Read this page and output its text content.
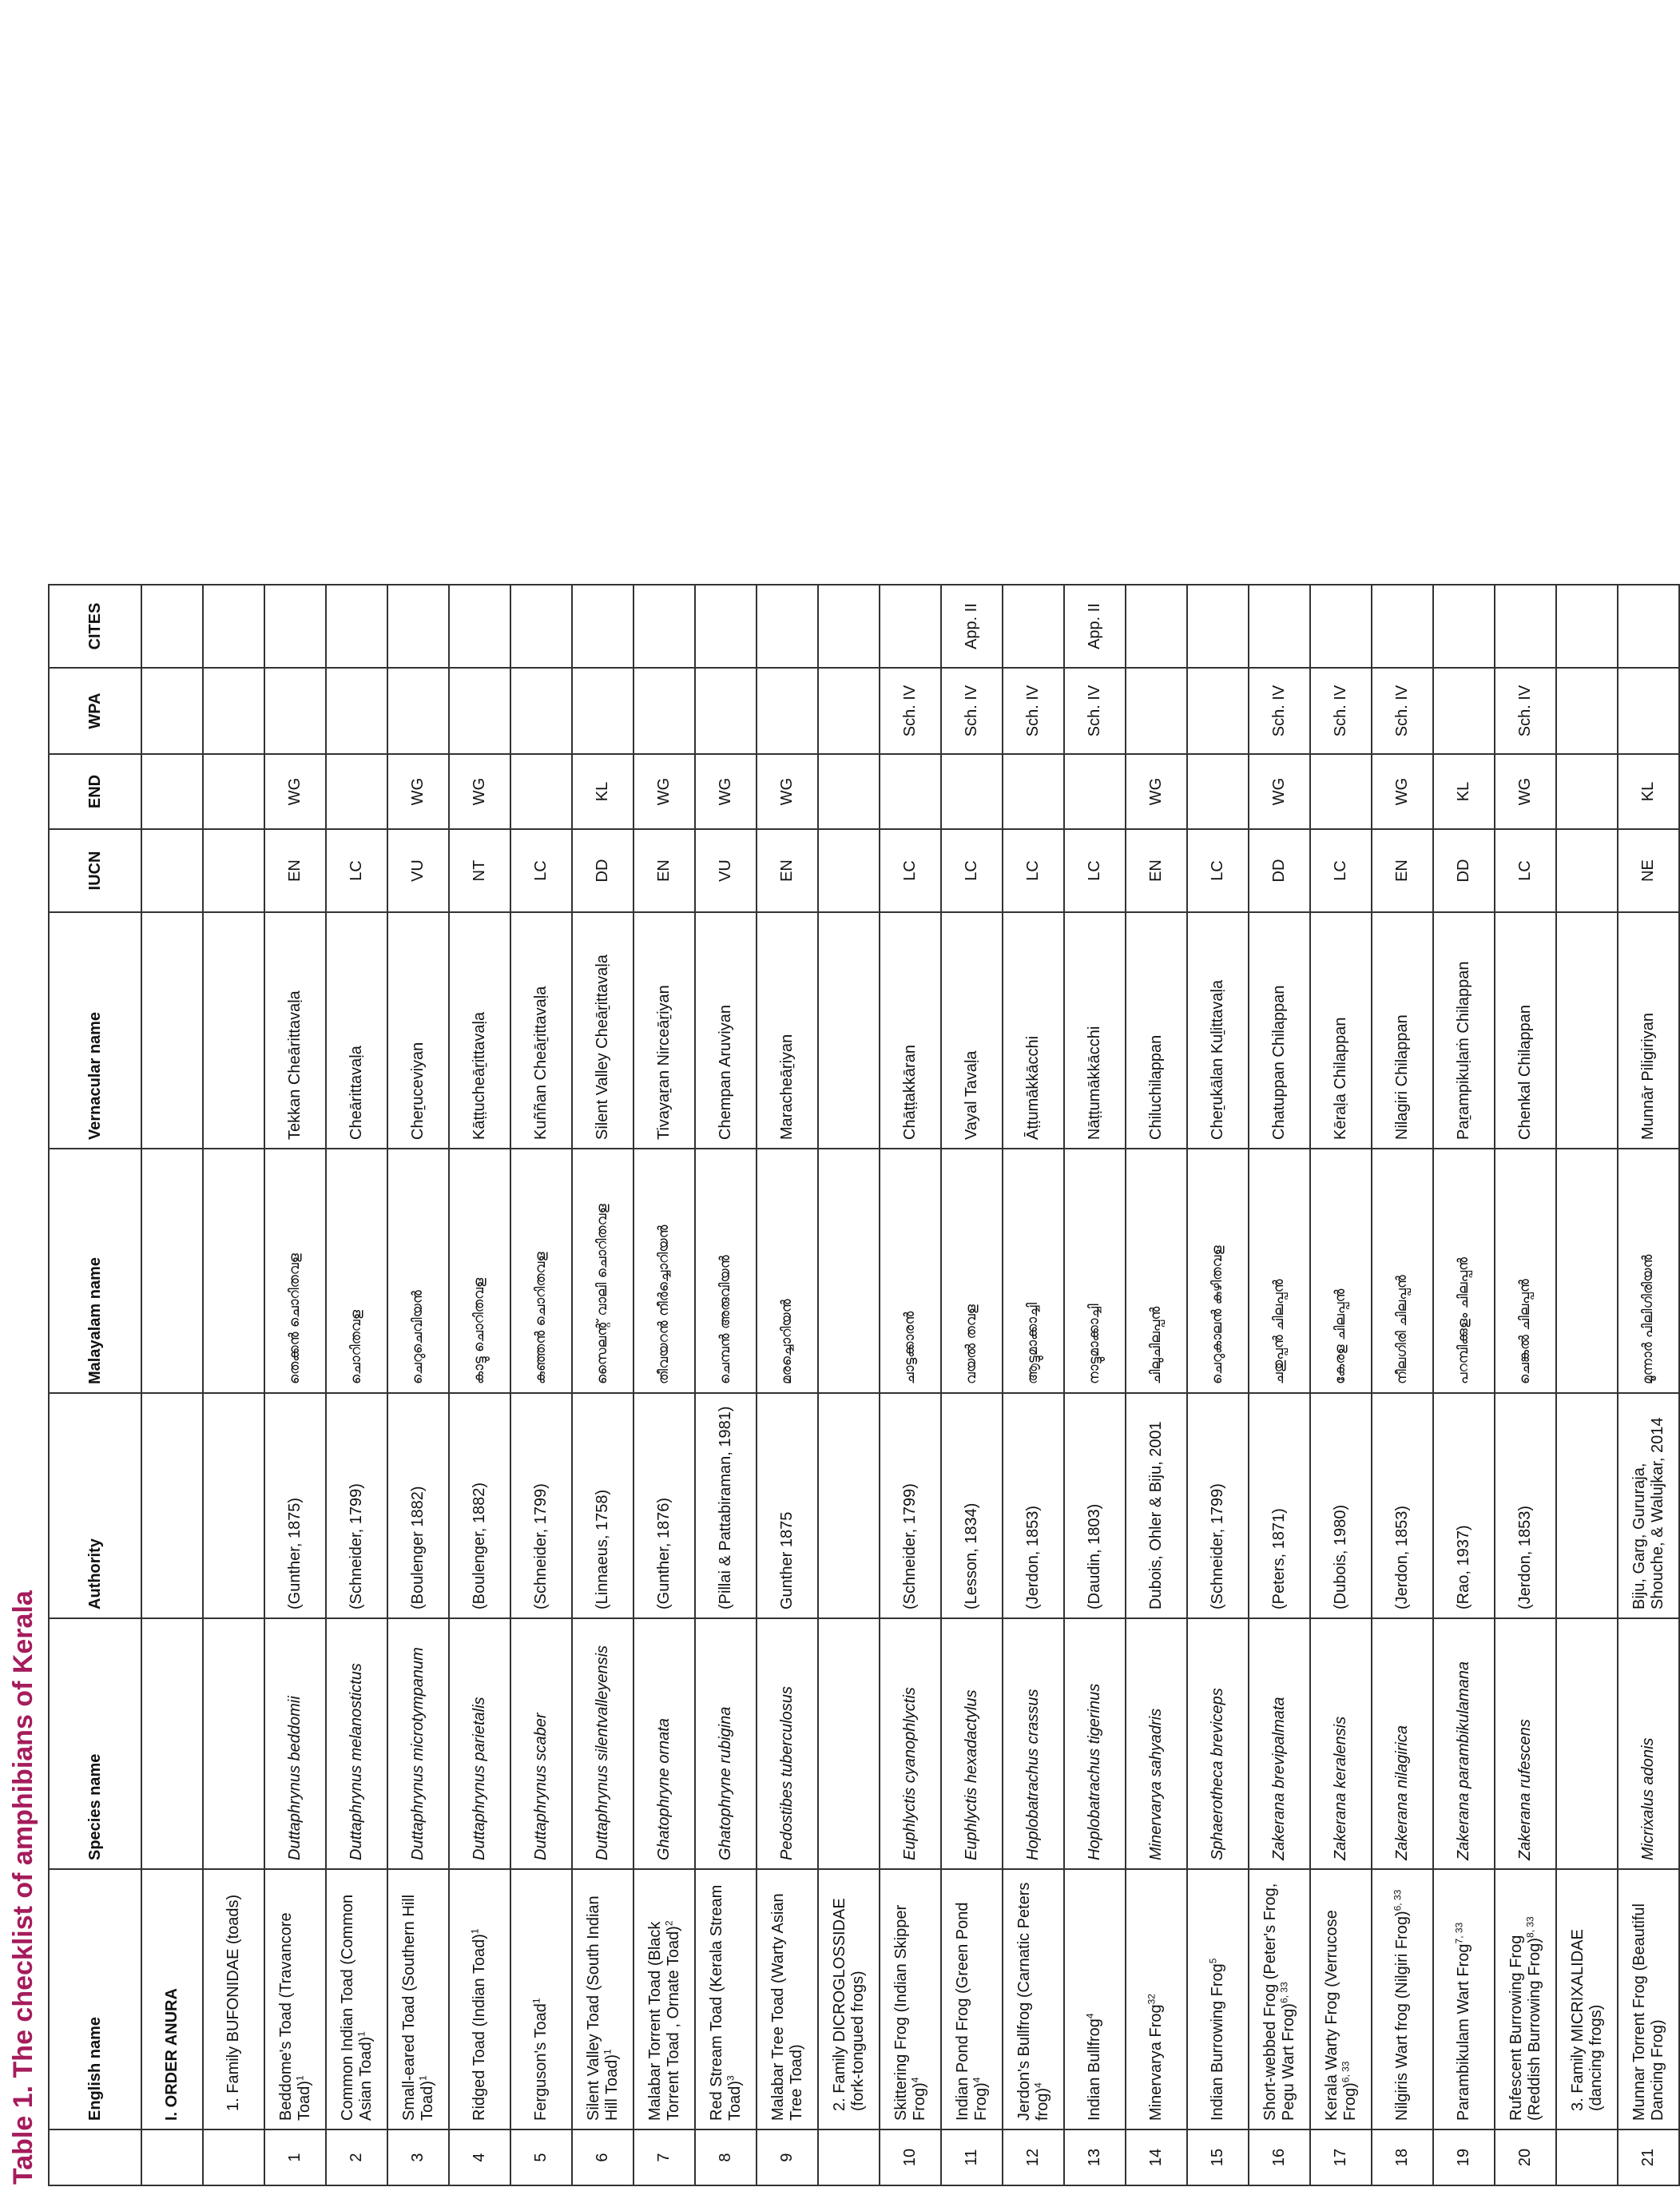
Table 1. The checklist of amphibians of Kerala
		English name	Species name	Authority	Malayalam name	Vernacular name	IUCN	END	WPA	CITES
	I. ORDER ANURA								
	1. Family BUFONIDAE (toads)								
1	Beddome's Toad (Travancore Toad)$^1$	Duttaphrynus beddomii	(Gunther, 1875)	തെക്കൻ ചൊറിതവള	Tekkan Cheārittavaḷa	EN	WG		
2	Common Indian Toad (Common Asian Toad)$^1$	Duttaphrynus melanostictus	(Schneider, 1799)	ചൊറിതവള	Cheārittavaḷa	LC			
3	Small-eared Toad (Southern Hill Toad)$^1$	Duttaphrynus microtympanum	(Boulenger 1882)	ചെറുചെവിയൻ	Cheṟuceviyan	VU	WG		
4	Ridged Toad (Indian Toad)$^1$	Duttaphrynus parietalis	(Boulenger, 1882)	കാട്ടു ചൊറിതവള	Kāṭṭucheāṟittavaḷa	NT	WG		
5	Ferguson's Toad$^1$	Duttaphrynus scaber	(Schneider, 1799)	കുഞ്ഞൻ ചൊറിതവള	Kuññan Cheāṟittavaḷa	LC			
6	Silent Valley Toad (South Indian Hill Toad)$^1$	Duttaphrynus silentvalleyensis	(Linnaeus, 1758)	സൈലന്റ് വാലി ചൊറിതവള	Silent Valley Cheāṟittavaḷa	DD	KL		
7	Malabar Torrent Toad (Black Torrent Toad , Ornate Toad)$^2$	Ghatophryne ornata	(Gunther, 1876)	തീവയറൻ നീർച്ചൊറിയൻ	Tivayaṟan Nirceāṟiyan	EN	WG		
8	Red Stream Toad (Kerala Stream Toad)$^3$	Ghatophryne rubigina	(Pillai & Pattabiraman, 1981)	ചെമ്പൻ അരുവിയൻ	Chempan Aruviyan	VU	WG		
9	Malabar Tree Toad (Warty Asian Tree Toad)	Pedostibes tuberculosus	Gunther 1875	മരച്ചൊറിയൻ	Maracheāṟiyan	EN	WG		
	2. Family DICROGLOSSIDAE (fork-tongued frogs)								
10	Skittering Frog (Indian Skipper Frog)$^4$	Euphlyctis cyanophlyctis	(Schneider, 1799)	ചാട്ടക്കാരൻ	Chāṭṭakkāran	LC		Sch. IV	
11	Indian Pond Frog (Green Pond Frog)$^4$	Euphlyctis hexadactylus	(Lesson, 1834)	വയൽ തവള	Vayal Tavaḷa	LC		Sch. IV	App. II
12	Jerdon's Bullfrog (Carnatic Peters frog)$^4$	Hoplobatrachus crassus	(Jerdon, 1853)	ആട്ടുമാക്കാച്ചി	Āṭṭumākkācchi	LC		Sch. IV	
13	Indian Bullfrog$^4$	Hoplobatrachus tigerinus	(Daudin, 1803)	നാട്ടുമാക്കാച്ചി	Nāṭṭumākkācchi	LC		Sch. IV	App. II
14	Minervarya Frog$^{32}$	Minervarya sahyadris	Dubois, Ohler & Biju, 2001	ചിലുചിലപ്പൻ	Chiluchilappan	EN	WG		
15	Indian Burrowing Frog$^5$	Sphaerotheca breviceps	(Schneider, 1799)	ചെറുകാലൻ കുഴിതവള	Cheṟukālan Kuḻittavaḷa	LC			
16	Short-webbed Frog (Peter's Frog, Pegu Wart Frog)$^{6, 33}$	Zakerana brevipalmata	(Peters, 1871)	ചതുപ്പൻ ചിലപ്പൻ	Chatuppan Chilappan	DD	WG	Sch. IV	
17	Kerala Warty Frog (Verrucose Frog)$^{6, 33}$	Zakerana keralensis	(Dubois, 1980)	കേരള ചിലപ്പൻ	Kēraḷa Chilappan	LC		Sch. IV	
18	Nilgiris Wart frog (Nilgiri Frog)$^{6, 33}$	Zakerana nilagirica	(Jerdon, 1853)	നീലഗിരി ചിലപ്പൻ	Nilagiri Chilappan	EN	WG	Sch. IV	
19	Parambikulam Wart Frog$^{7, 33}$	Zakerana parambikulamana	(Rao, 1937)	പറമ്പിക്കുളം ചിലപ്പൻ	Paṟampikuḷaṁ Chilappan	DD	KL		
20	Rufescent Burrowing Frog (Reddish Burrowing Frog)$^{8, 33}$	Zakerana rufescens	(Jerdon, 1853)	ചെങ്കൽ ചിലപ്പൻ	Chenkal Chilappan	LC	WG	Sch. IV	
	3. Family MICRIXALIDAE (dancing frogs)								
21	Munnar Torrent Frog (Beautiful Dancing Frog)	Micrixalus adonis	Biju, Garg, Gururaja, Shouche, & Walujkar, 2014	മൂന്നാർ പിലിഗിരിയൻ	Munnār Piligiriyan	NE	KL		
